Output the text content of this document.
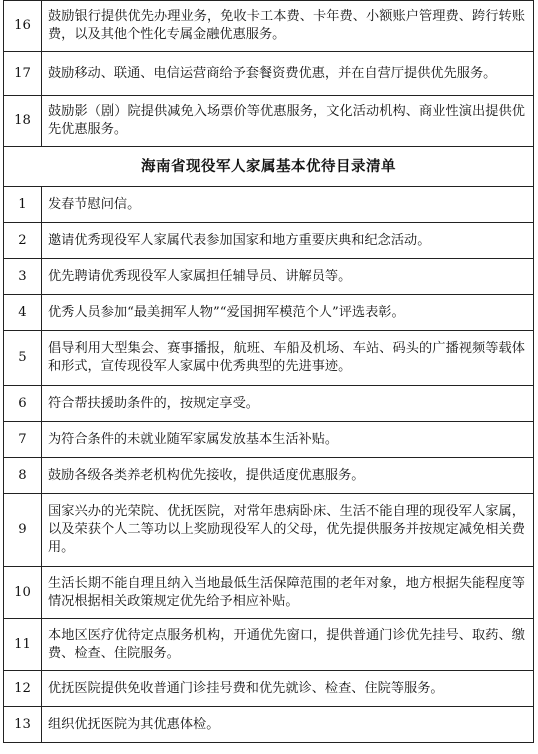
16	鼓励银行提供优先办理业务，免收卡工本费、卡年费、小额账户管理费、跨行转账费，以及其他个性化专属金融优惠服务。
17	鼓励移动、联通、电信运营商给予套餐资费优惠，并在自营厅提供优先服务。
18	鼓励影（剧）院提供减免入场票价等优惠服务，文化活动机构、商业性演出提供优先优惠服务。
海南省现役军人家属基本优待目录清单	
1	发春节慰问信。
2	邀请优秀现役军人家属代表参加国家和地方重要庆典和纪念活动。
3	优先聘请优秀现役军人家属担任辅导员、讲解员等。
4	优秀人员参加“最美拥军人物”“爱国拥军模范个人”评选表彰。
5	倡导利用大型集会、赛事播报，航班、车船及机场、车站、码头的广播视频等载体和形式，宣传现役军人家属中优秀典型的先进事迹。
6	符合帮扶援助条件的，按规定享受。
7	为符合条件的未就业随军家属发放基本生活补贴。
8	鼓励各级各类养老机构优先接收，提供适度优惠服务。
9	国家兴办的光荣院、优抚医院，对常年患病卧床、生活不能自理的现役军人家属，以及荣获个人二等功以上奖励现役军人的父母，优先提供服务并按规定减免相关费用。
10	生活长期不能自理且纳入当地最低生活保障范围的老年对象，地方根据失能程度等情况根据相关政策规定优先给予相应补贴。
11	本地区医疗优待定点服务机构，开通优先窗口，提供普通门诊优先挂号、取药、缴费、检查、住院服务。
12	优抚医院提供免收普通门诊挂号费和优先就诊、检查、住院等服务。
13	组织优抚医院为其优惠体检。
